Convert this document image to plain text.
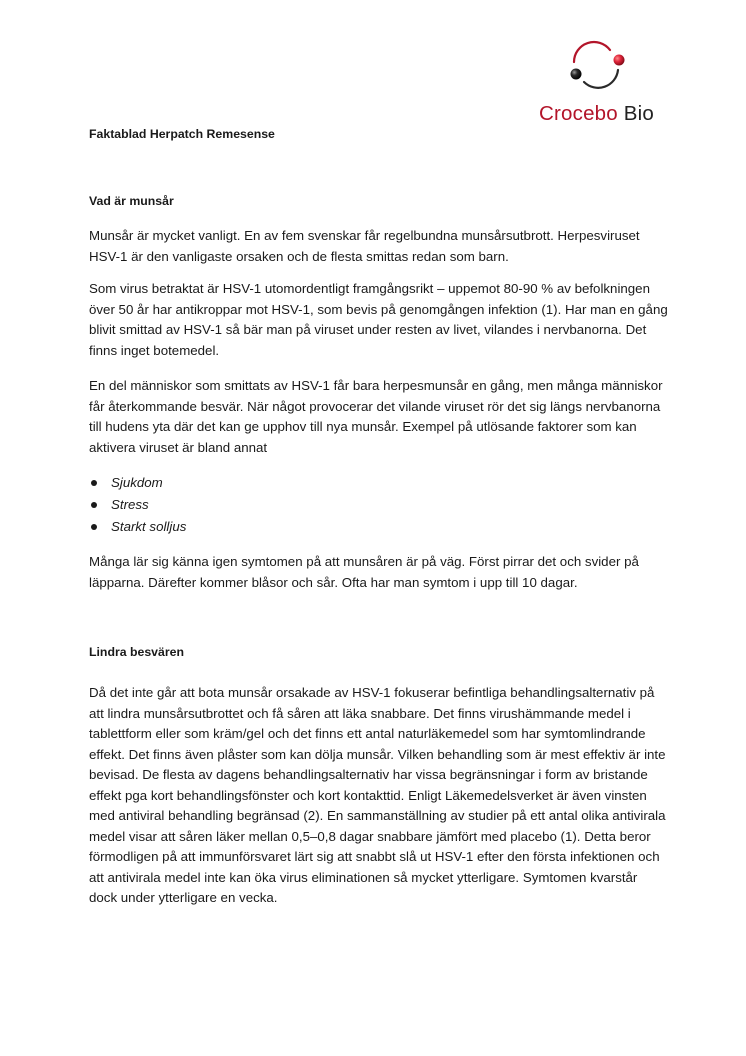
Crocebo Bio
Faktablad Herpatch Remesense
Vad är munsår

Munsår är mycket vanligt. En av fem svenskar får regelbundna munsårsutbrott. Herpesviruset HSV-1 är den vanligaste orsaken och de flesta smittas redan som barn.

Som virus betraktat är HSV-1 utomordentligt framgångsrikt – uppemot 80-90 % av befolkningen över 50 år har antikroppar mot HSV-1, som bevis på genomgången infektion (1). Har man en gång blivit smittad av HSV-1 så bär man på viruset under resten av livet, vilandes i nervbanorna. Det finns inget botemedel.

En del människor som smittats av HSV-1 får bara herpesmunsår en gång, men många människor får återkommande besvär. När något provocerar det vilande viruset rör det sig längs nervbanorna till hudens yta där det kan ge upphov till nya munsår. Exempel på utlösande faktorer som kan aktivera viruset är bland annat

Sjukdom
Stress
Starkt solljus

Många lär sig känna igen symtomen på att munsåren är på väg. Först pirrar det och svider på läpparna. Därefter kommer blåsor och sår. Ofta har man symtom i upp till 10 dagar.

Lindra besvären

Då det inte går att bota munsår orsakade av HSV-1 fokuserar befintliga behandlingsalternativ på att lindra munsårsutbrottet och få såren att läka snabbare. Det finns virushämmande medel i tablettform eller som kräm/gel och det finns ett antal naturläkemedel som har symtomlindrande effekt. Det finns även plåster som kan dölja munsår. Vilken behandling som är mest effektiv är inte bevisad. De flesta av dagens behandlingsalternativ har vissa begränsningar i form av bristande effekt pga kort behandlingsfönster och kort kontakttid. Enligt Läkemedelsverket är även vinsten med antiviral behandling begränsad (2). En sammanställning av studier på ett antal olika antivirala medel visar att såren läker mellan 0,5–0,8 dagar snabbare jämfört med placebo (1). Detta beror förmodligen på att immunförsvaret lärt sig att snabbt slå ut HSV-1 efter den första infektionen och att antivirala medel inte kan öka virus eliminationen så mycket ytterligare. Symtomen kvarstår dock under ytterligare en vecka.
